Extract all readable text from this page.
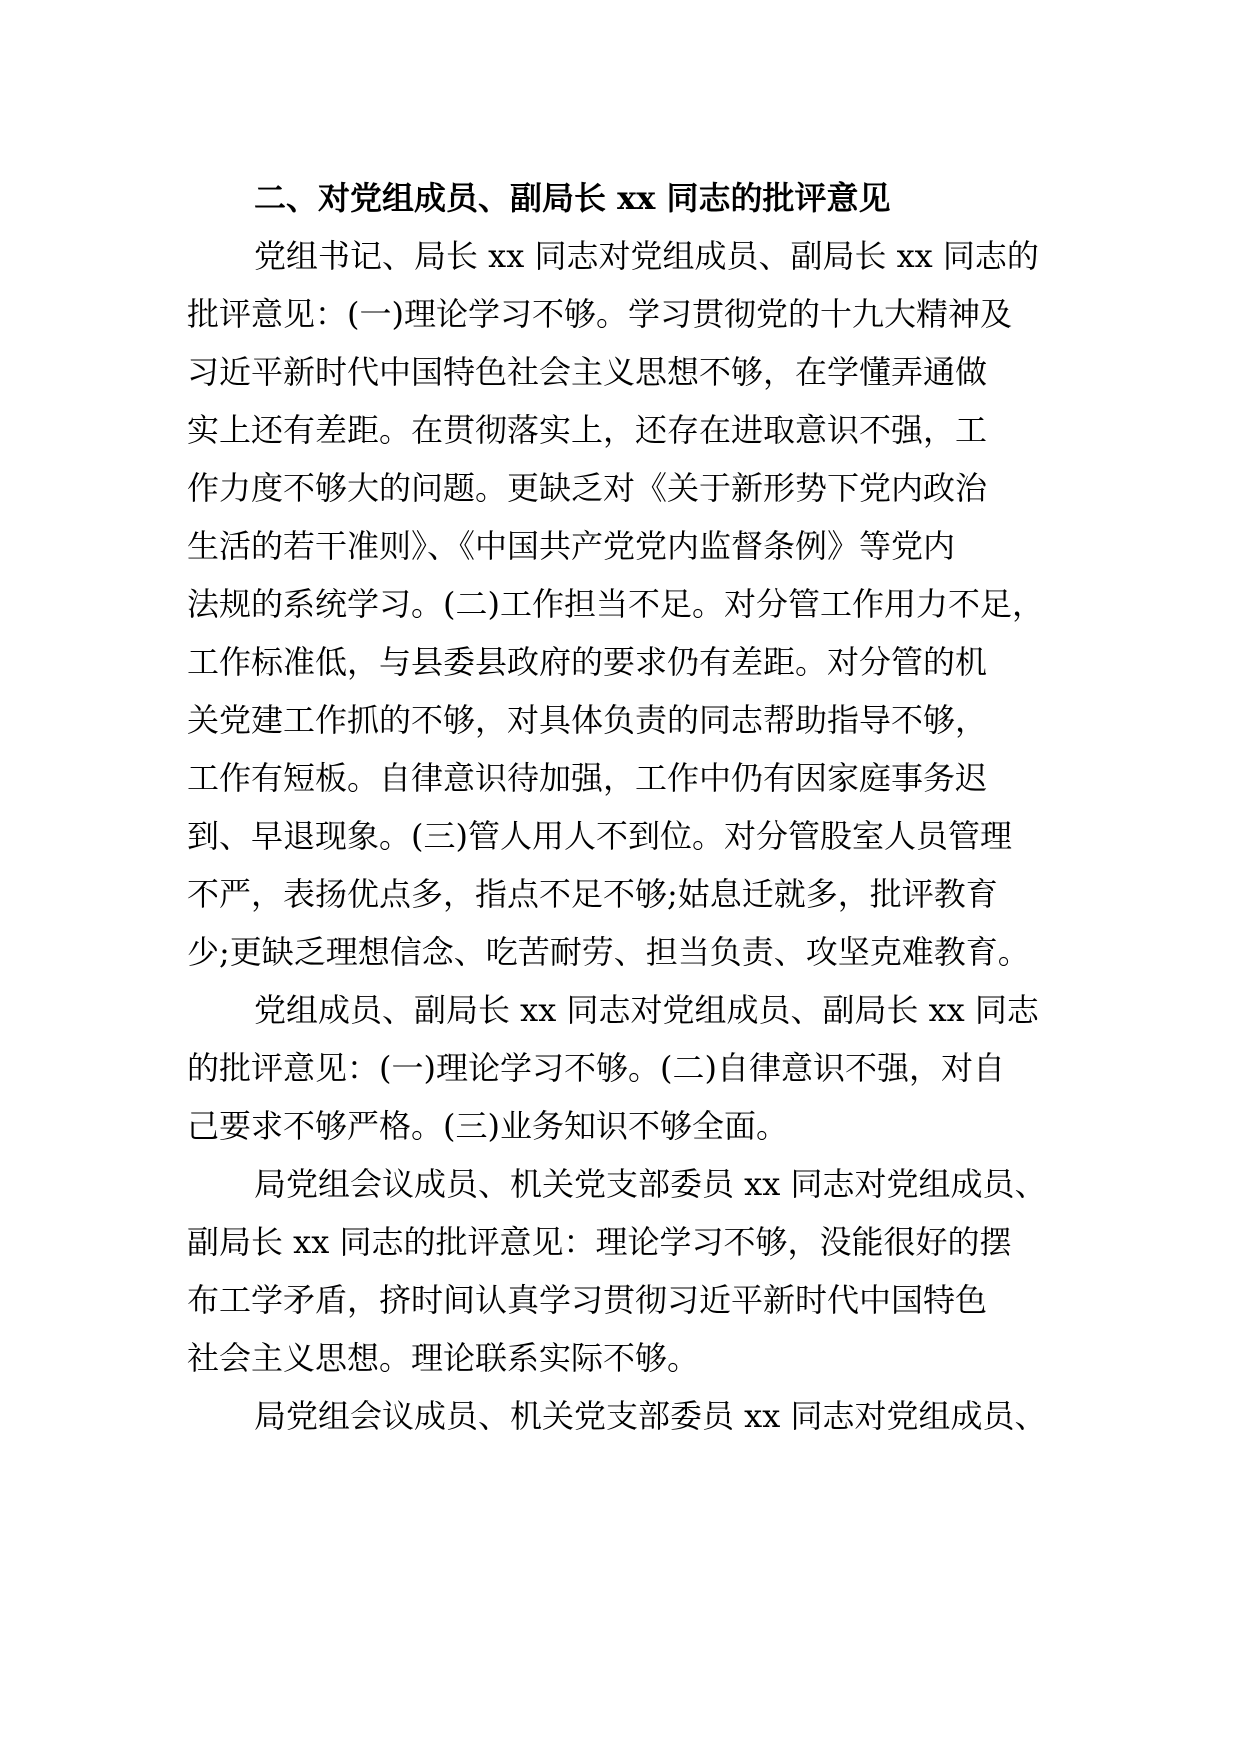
二、对党组成员、副局长 xx 同志的批评意见
党组书记、局长 xx 同志对党组成员、副局长 xx 同志的
批评意见：(一)理论学习不够。学习贯彻党的十九大精神及
习近平新时代中国特色社会主义思想不够，在学懂弄通做
实上还有差距。在贯彻落实上，还存在进取意识不强，工
作力度不够大的问题。更缺乏对《关于新形势下党内政治
生活的若干准则》、《中国共产党党内监督条例》等党内
法规的系统学习。(二)工作担当不足。对分管工作用力不足，
工作标准低，与县委县政府的要求仍有差距。对分管的机
关党建工作抓的不够，对具体负责的同志帮助指导不够，
工作有短板。自律意识待加强，工作中仍有因家庭事务迟
到、早退现象。(三)管人用人不到位。对分管股室人员管理
不严，表扬优点多，指点不足不够;姑息迁就多，批评教育
少;更缺乏理想信念、吃苦耐劳、担当负责、攻坚克难教育。
党组成员、副局长 xx 同志对党组成员、副局长 xx 同志
的批评意见：(一)理论学习不够。(二)自律意识不强，对自
己要求不够严格。(三)业务知识不够全面。
局党组会议成员、机关党支部委员 xx 同志对党组成员、
副局长 xx 同志的批评意见：理论学习不够，没能很好的摆
布工学矛盾，挤时间认真学习贯彻习近平新时代中国特色
社会主义思想。理论联系实际不够。
局党组会议成员、机关党支部委员 xx 同志对党组成员、
